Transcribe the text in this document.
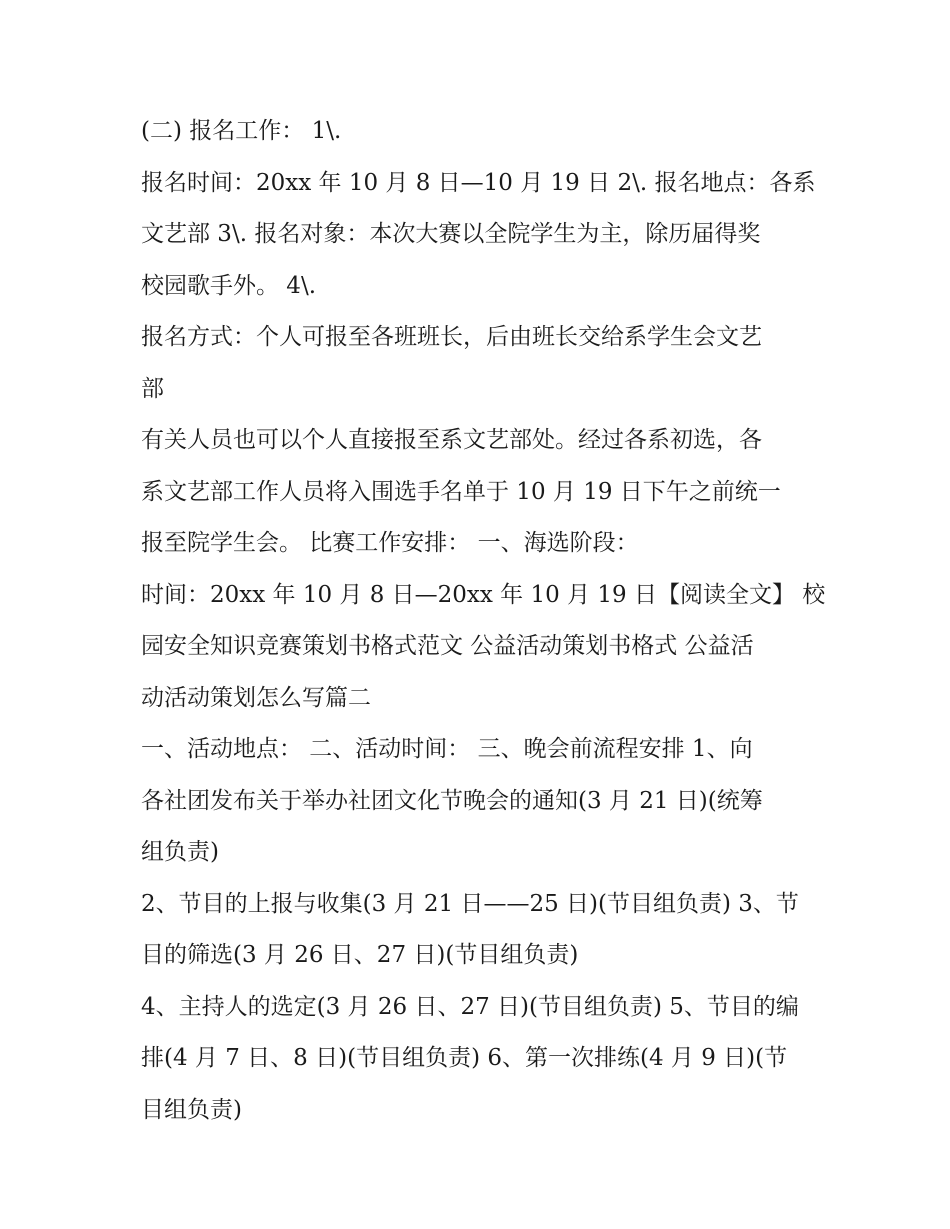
(二) 报名工作： 1\.
报名时间：20xx 年 10 月 8 日—10 月 19 日 2\. 报名地点：各系
文艺部 3\. 报名对象：本次大赛以全院学生为主，除历届得奖
校园歌手外。 4\.
报名方式：个人可报至各班班长，后由班长交给系学生会文艺
部
有关人员也可以个人直接报至系文艺部处。经过各系初选，各
系文艺部工作人员将入围选手名单于 10 月 19 日下午之前统一
报至院学生会。 比赛工作安排： 一、海选阶段：
时间：20xx 年 10 月 8 日—20xx 年 10 月 19 日【阅读全文】 校
园安全知识竞赛策划书格式范文 公益活动策划书格式 公益活
动活动策划怎么写篇二
一、活动地点： 二、活动时间： 三、晚会前流程安排 1、向
各社团发布关于举办社团文化节晚会的通知(3 月 21 日)(统筹
组负责)
2、节目的上报与收集(3 月 21 日——25 日)(节目组负责) 3、节
目的筛选(3 月 26 日、27 日)(节目组负责)
4、主持人的选定(3 月 26 日、27 日)(节目组负责) 5、节目的编
排(4 月 7 日、8 日)(节目组负责) 6、第一次排练(4 月 9 日)(节
目组负责)
